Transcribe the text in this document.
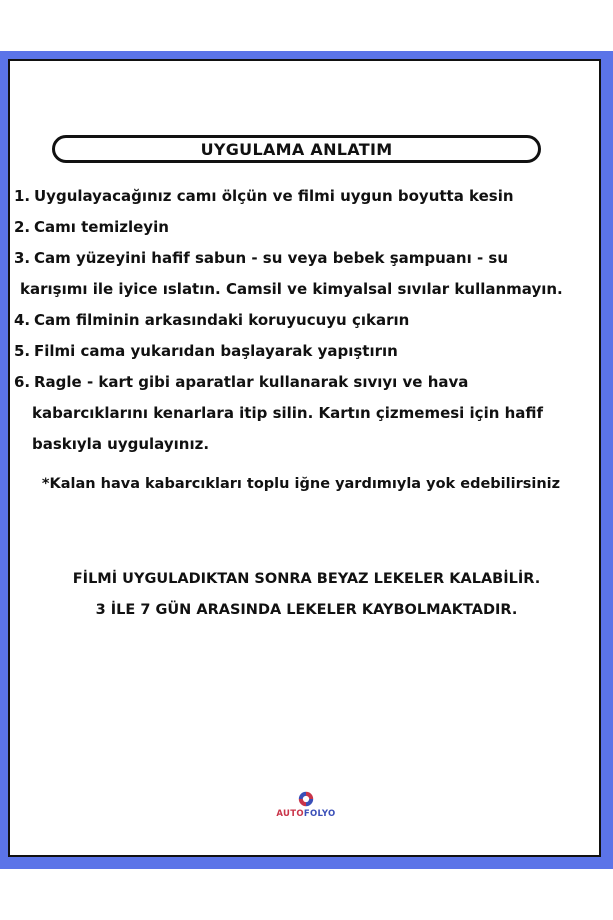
UYGULAMA ANLATIM
1. Uygulayacağınız camı ölçün ve filmi uygun boyutta kesin
2. Camı temizleyin
3. Cam yüzeyini hafif sabun - su veya bebek şampuanı - su
karışımı ile iyice ıslatın. Camsil ve kimyalsal sıvılar kullanmayın.
4. Cam filminin arkasındaki koruyucuyu çıkarın
5. Filmi cama yukarıdan başlayarak yapıştırın
6. Ragle - kart gibi aparatlar kullanarak sıvıyı ve hava
kabarcıklarını kenarlara itip silin. Kartın çizmemesi için hafif
baskıyla uygulayınız.
*Kalan hava kabarcıkları toplu iğne yardımıyla yok edebilirsiniz
FİLMİ UYGULADIKTAN SONRA BEYAZ LEKELER KALABİLİR.
3 İLE 7 GÜN ARASINDA LEKELER KAYBOLMAKTADIR.
AUTOFOLYO
